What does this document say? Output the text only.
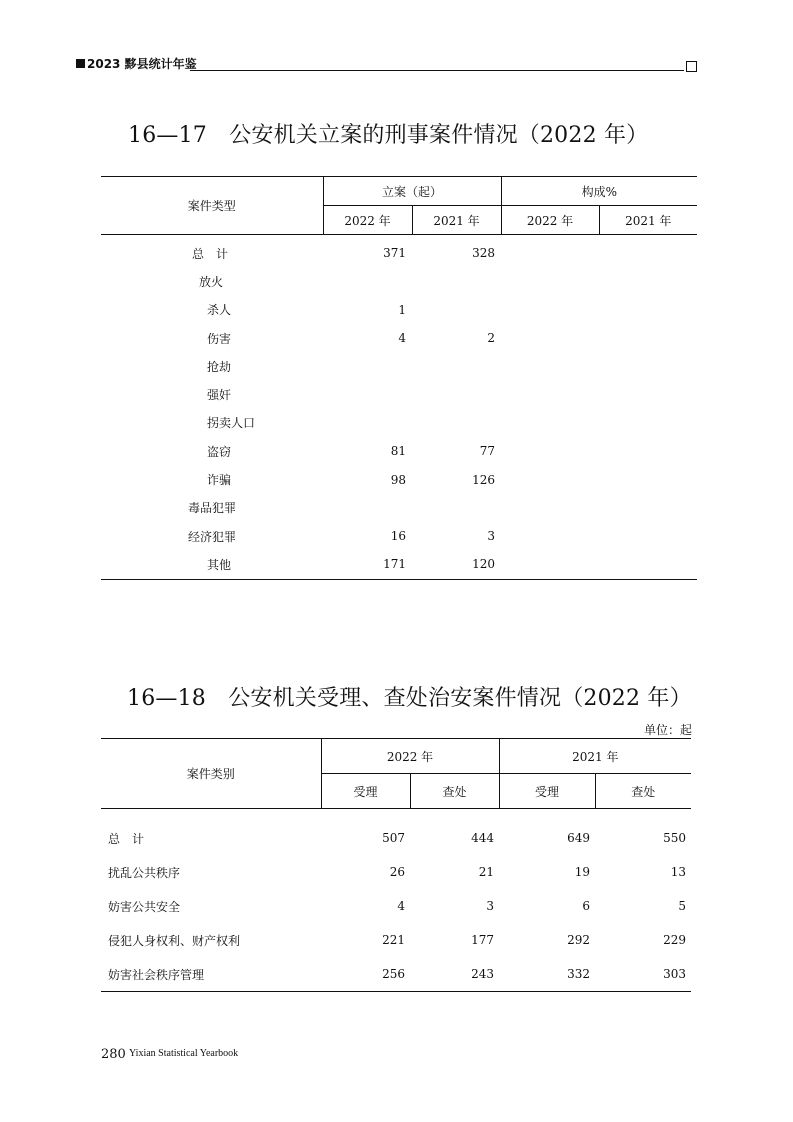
2023 黟县统计年鉴
16—17　公安机关立案的刑事案件情况（2022 年）
案件类型	立案（起）		构成%	
	2022 年	2021 年	2022 年	2021 年
总　计	371	328		
放火				
杀人	1			
伤害	4	2		
抢劫				
强奸				
拐卖人口				
盗窃	81	77		
诈骗	98	126		
毒品犯罪				
经济犯罪	16	3		
其他	171	120		
16—18　公安机关受理、查处治安案件情况（2022 年）
单位：起
案件类别	2022 年		2021 年	
	受理	查处	受理	查处
总　计	507	444	649	550
扰乱公共秩序	26	21	19	13
妨害公共安全	4	3	6	5
侵犯人身权利、财产权利	221	177	292	229
妨害社会秩序管理	256	243	332	303
280 Yixian Statistical Yearbook
